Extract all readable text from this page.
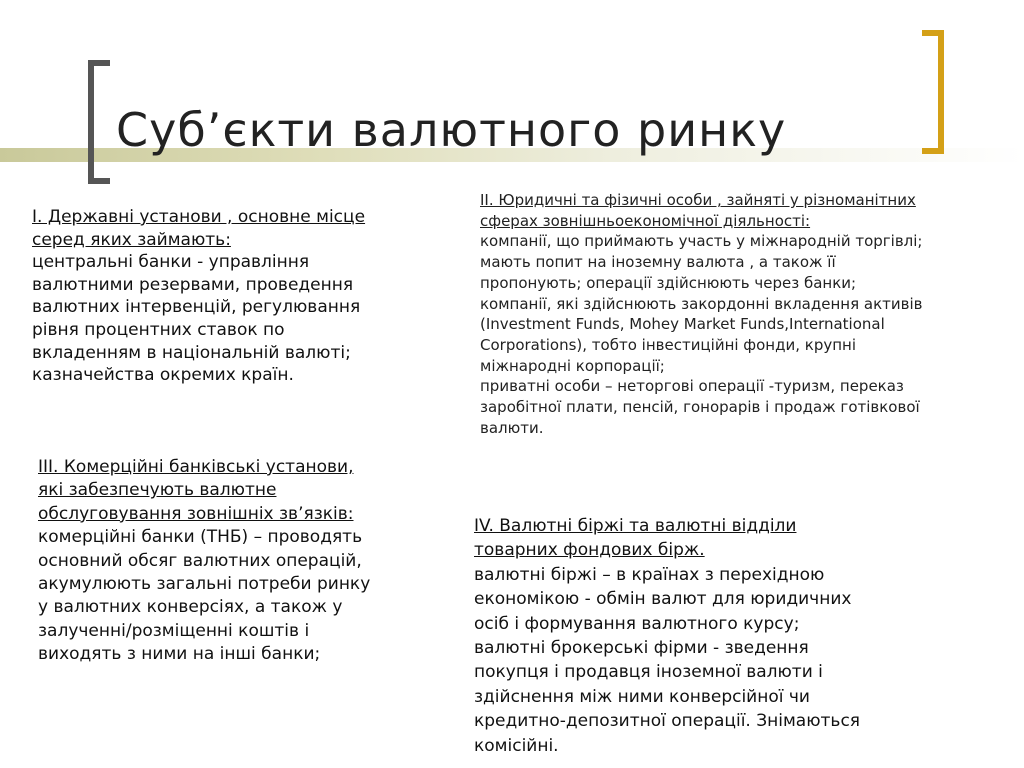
Суб’єкти валютного ринку
I. Державні установи , основне місце
серед яких займають:
центральні банки - управління
валютними резервами, проведення
валютних інтервенцій, регулювання
рівня процентних ставок по
вкладенням в національній валюті;
казначейства окремих країн.
II. Юридичні та фізичні особи , зайняті у різноманітних
сферах зовнішньоекономічної діяльності:
компанії, що приймають участь у міжнародній торгівлі;
мають попит на іноземну валюта , а також її
пропонують; операції здійснюють через банки;
компанії, які здійснюють закордонні вкладення активів
(Investment Funds, Mohey Market Funds,International
Corporations), тобто інвестиційні фонди, крупні
міжнародні корпорації;
приватні особи – неторгові операції -туризм, переказ
заробітної плати, пенсій, гонорарів і продаж готівкової
валюти.
III. Комерційні банківські установи,
які забезпечують валютне
обслуговування зовнішніх зв’язків:
комерційні банки (ТНБ) – проводять
основний обсяг валютних операцій,
акумулюють загальні потреби ринку
у валютних конверсіях, а також у
залученні/розміщенні коштів і
виходять з ними на інші банки;
IV. Валютні біржі та валютні відділи
товарних фондових бірж.
валютні біржі – в країнах з перехідною
економікою - обмін валют для юридичних
осіб і формування валютного курсу;
валютні брокерські фірми - зведення
покупця і продавця іноземної валюти і
здійснення між ними конверсійної чи
кредитно-депозитної операції. Знімаються
комісійні.
